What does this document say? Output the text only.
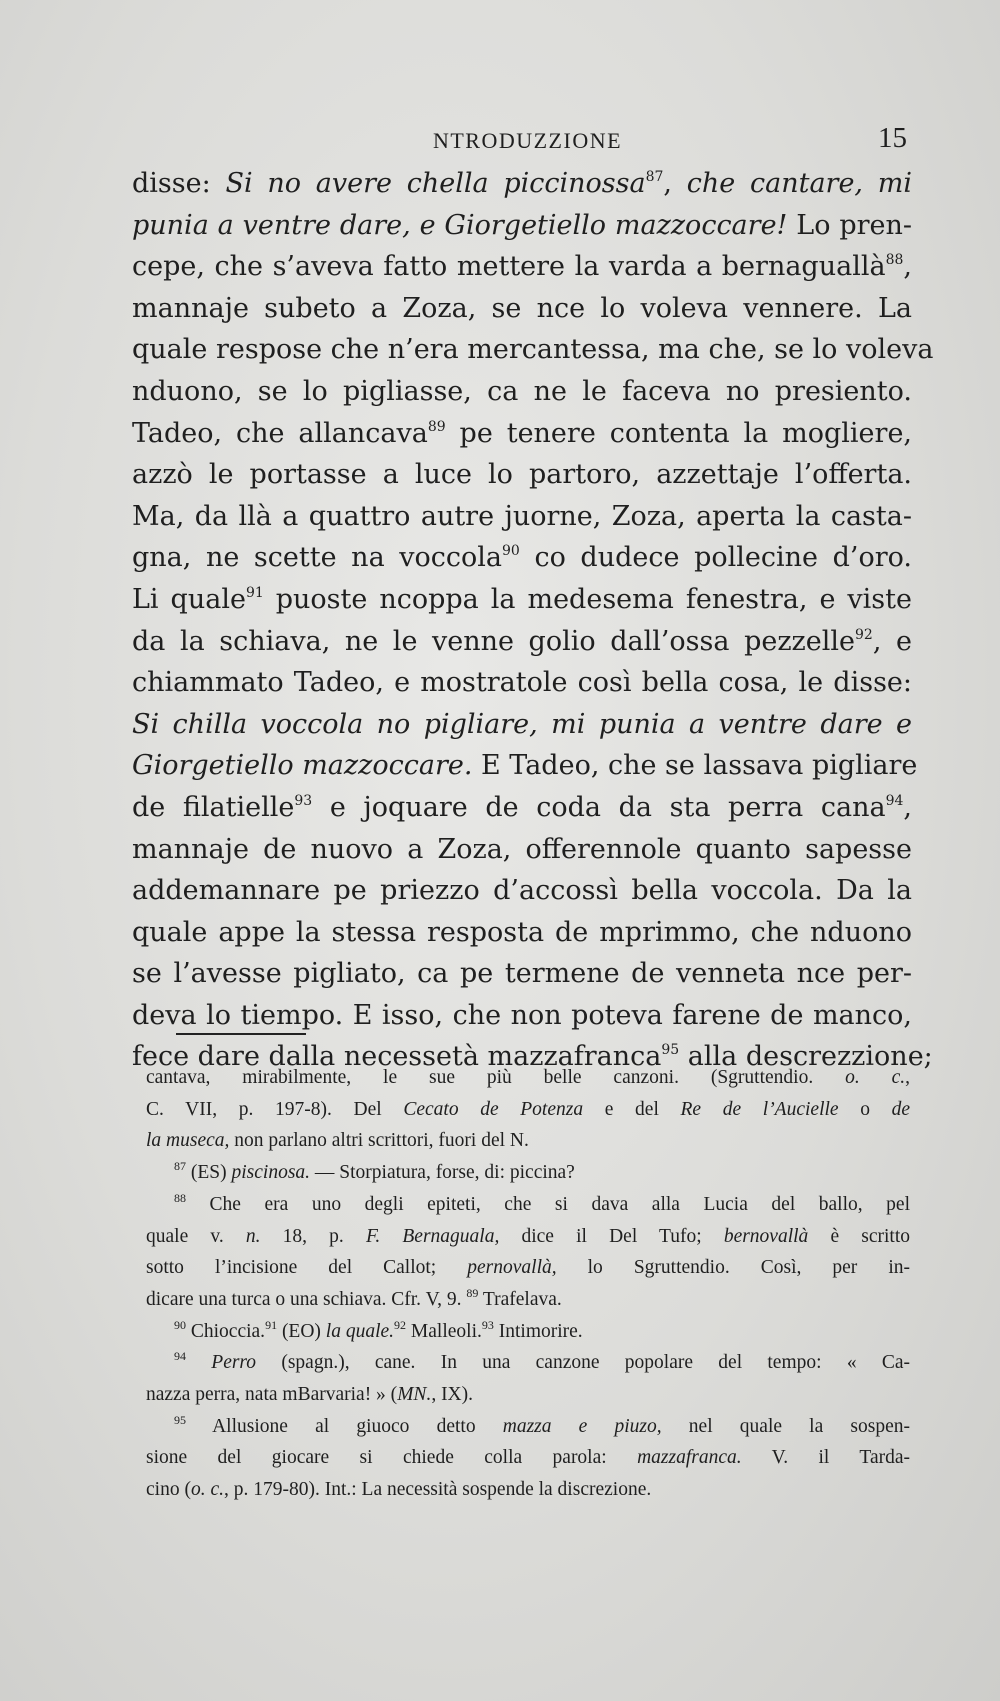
NTRODUZZIONE	15
disse: Si no avere chella piccinossa$^{87}$, che cantare, mi
punia a ventre dare, e Giorgetiello mazzoccare! Lo pren-
cepe, che s’aveva fatto mettere la varda a bernaguallà$^{88}$,
mannaje subeto a Zoza, se nce lo voleva vennere. La
quale respose che n’era mercantessa, ma che, se lo voleva
nduono, se lo pigliasse, ca ne le faceva no presiento.
Tadeo, che allancava$^{89}$ pe tenere contenta la mogliere,
azzò le portasse a luce lo partoro, azzettaje l’offerta.
Ma, da llà a quattro autre juorne, Zoza, aperta la casta-
gna, ne scette na voccola$^{90}$ co dudece pollecine d’oro.
Li quale$^{91}$ puoste ncoppa la medesema fenestra, e viste
da la schiava, ne le venne golio dall’ossa pezzelle$^{92}$, e
chiammato Tadeo, e mostratole così bella cosa, le disse:
Si chilla voccola no pigliare, mi punia a ventre dare e
Giorgetiello mazzoccare. E Tadeo, che se lassava pigliare
de filatielle$^{93}$ e joquare de coda da sta perra cana$^{94}$,
mannaje de nuovo a Zoza, offerennole quanto sapesse
addemannare pe priezzo d’accossì bella voccola. Da la
quale appe la stessa resposta de mprimmo, che nduono
se l’avesse pigliato, ca pe termene de venneta nce per-
deva lo tiempo. E isso, che non poteva farene de manco,
fece dare dalla necessetà mazzafranca$^{95}$ alla descrezzione;
cantava, mirabilmente, le sue più belle canzoni. (Sgruttendio. o. c.,
C. VII, p. 197-8). Del Cecato de Potenza e del Re de l’Aucielle o de
la museca, non parlano altri scrittori, fuori del N.
$^{87}$ (ES) piscinosa. — Storpiatura, forse, di: piccina?
$^{88}$ Che era uno degli epiteti, che si dava alla Lucia del ballo, pel
quale v. n. 18, p. F. Bernaguala, dice il Del Tufo; bernovallà è scritto
sotto l’incisione del Callot; pernovallà, lo Sgruttendio. Così, per in-
dicare una turca o una schiava. Cfr. V, 9. $^{89}$ Trafelava.
$^{90}$ Chioccia.$^{91}$ (EO) la quale.$^{92}$ Malleoli.$^{93}$ Intimorire.
$^{94}$ Perro (spagn.), cane. In una canzone popolare del tempo: « Ca-
nazza perra, nata mBarvaria! » (MN., IX).
$^{95}$ Allusione al giuoco detto mazza e piuzo, nel quale la sospen-
sione del giocare si chiede colla parola: mazzafranca. V. il Tarda-
cino (o. c., p. 179-80). Int.: La necessità sospende la discrezione.
